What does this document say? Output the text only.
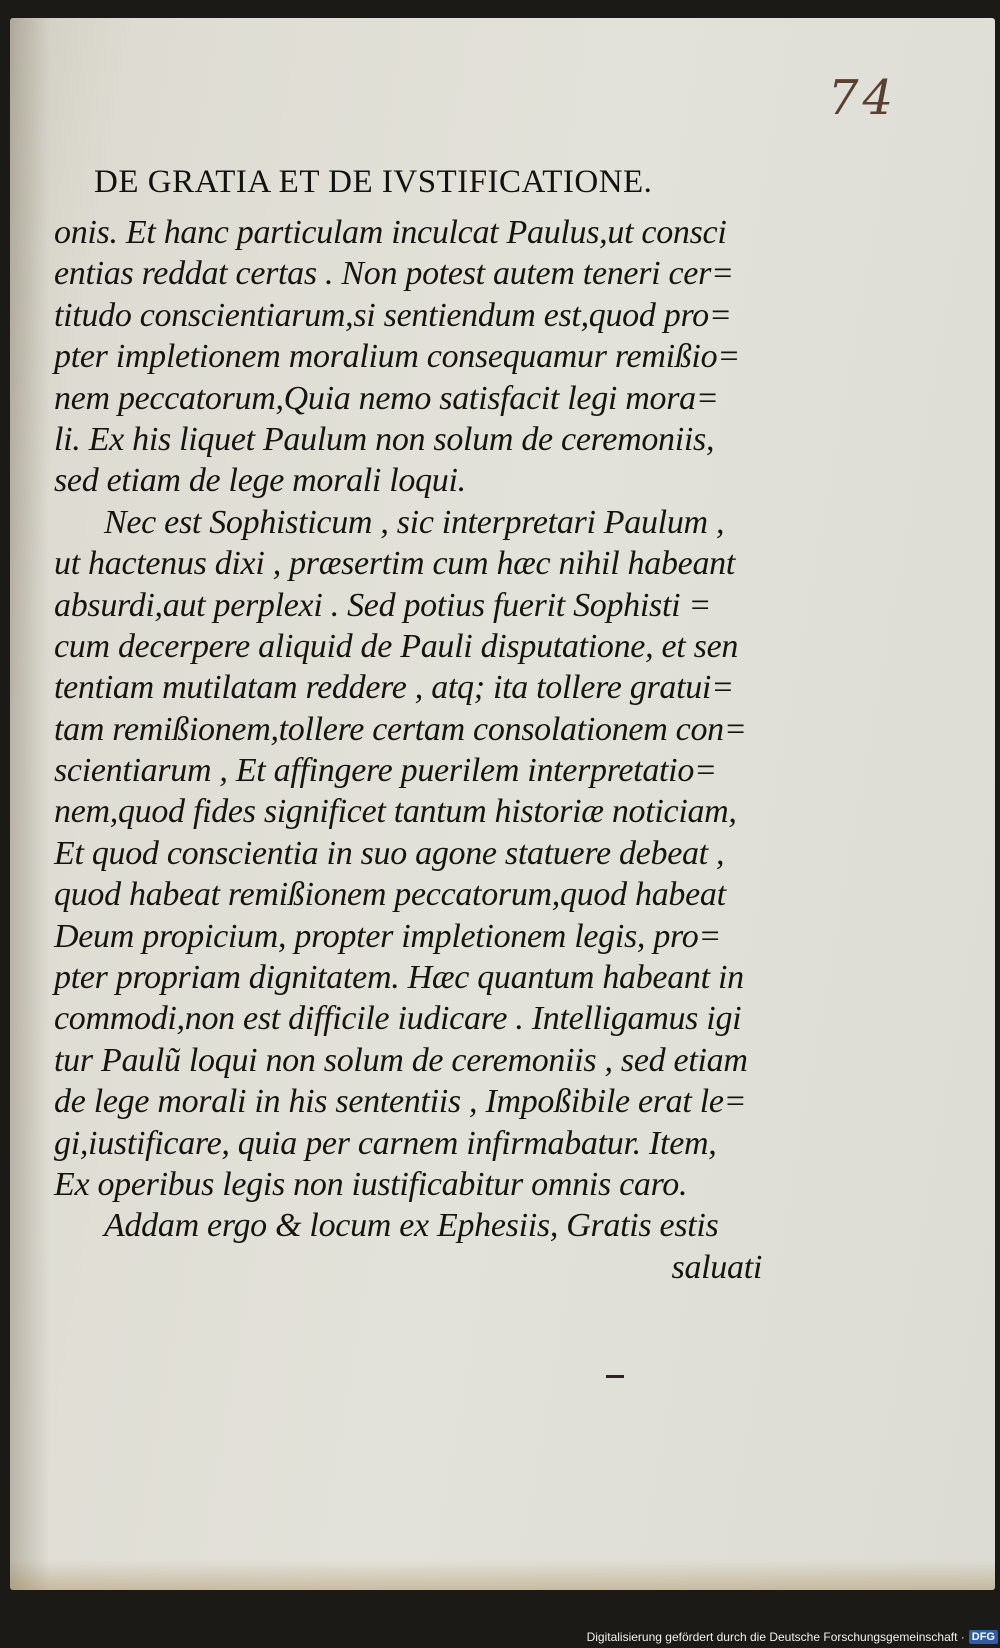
74
DE GRATIA ET DE IVSTIFICATIONE.
onis. Et hanc particulam inculcat Paulus,ut consci
entias reddat certas . Non potest autem teneri cer=
titudo conscientiarum,si sentiendum est,quod pro=
pter impletionem moralium consequamur remißio=
nem peccatorum,Quia nemo satisfacit legi mora=
li. Ex his liquet Paulum non solum de ceremoniis,
sed etiam de lege morali loqui.
Nec est Sophisticum , sic interpretari Paulum ,
ut hactenus dixi , præsertim cum hæc nihil habeant
absurdi,aut perplexi . Sed potius fuerit Sophisti =
cum decerpere aliquid de Pauli disputatione, et sen
tentiam mutilatam reddere , atq; ita tollere gratui=
tam remißionem,tollere certam consolationem con=
scientiarum , Et affingere puerilem interpretatio=
nem,quod fides significet tantum historiæ noticiam,
Et quod conscientia in suo agone statuere debeat ,
quod habeat remißionem peccatorum,quod habeat
Deum propicium, propter impletionem legis, pro=
pter propriam dignitatem. Hæc quantum habeant in
commodi,non est difficile iudicare . Intelligamus igi
tur Paulũ loqui non solum de ceremoniis , sed etiam
de lege morali in his sententiis , Impoßibile erat le=
gi,iustificare, quia per carnem infirmabatur. Item,
Ex operibus legis non iustificabitur omnis caro.
Addam ergo & locum ex Ephesiis, Gratis estis
saluati
Digitalisierung gefördert durch die Deutsche Forschungsgemeinschaft · DFG
